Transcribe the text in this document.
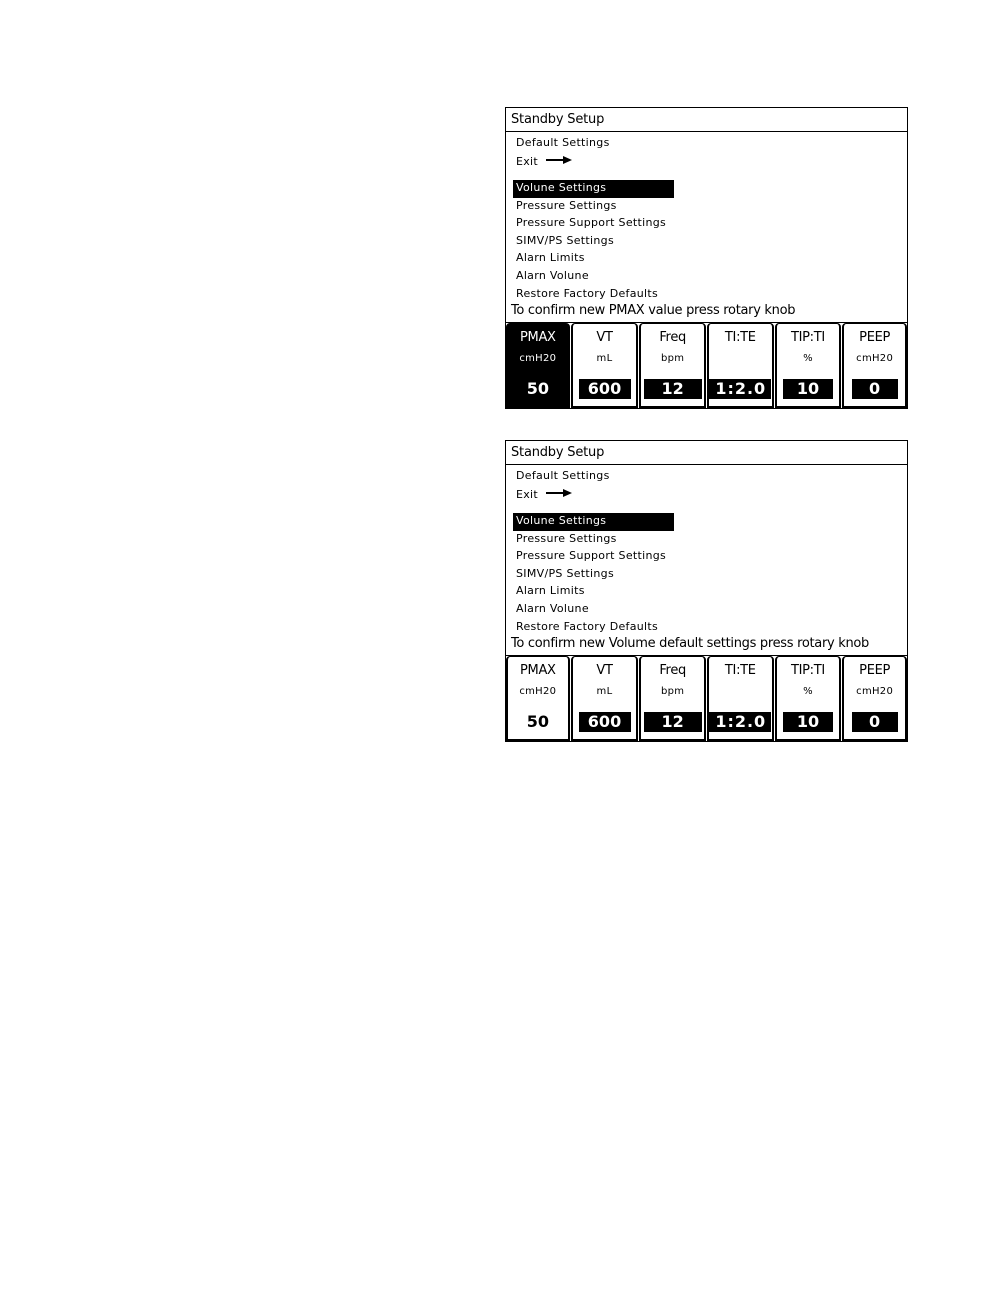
Standby Setup
Default Settings
Exit
Volune Settings
Pressure Settings
Pressure Support Settings
SIMV/PS Settings
Alarn Limits
Alarn Volune
Restore Factory Defaults
To confirm new PMAX value press rotary knob
PMAX
cmH20
50
VT
mL
600
Freq
bpm
12
TI:TE
1:2.0
TIP:TI
%
10
PEEP
cmH20
0
Standby Setup
Default Settings
Exit
Volune Settings
Pressure Settings
Pressure Support Settings
SIMV/PS Settings
Alarn Limits
Alarn Volune
Restore Factory Defaults
To confirm new Volume default settings press rotary knob
PMAX
cmH20
50
VT
mL
600
Freq
bpm
12
TI:TE
1:2.0
TIP:TI
%
10
PEEP
cmH20
0
